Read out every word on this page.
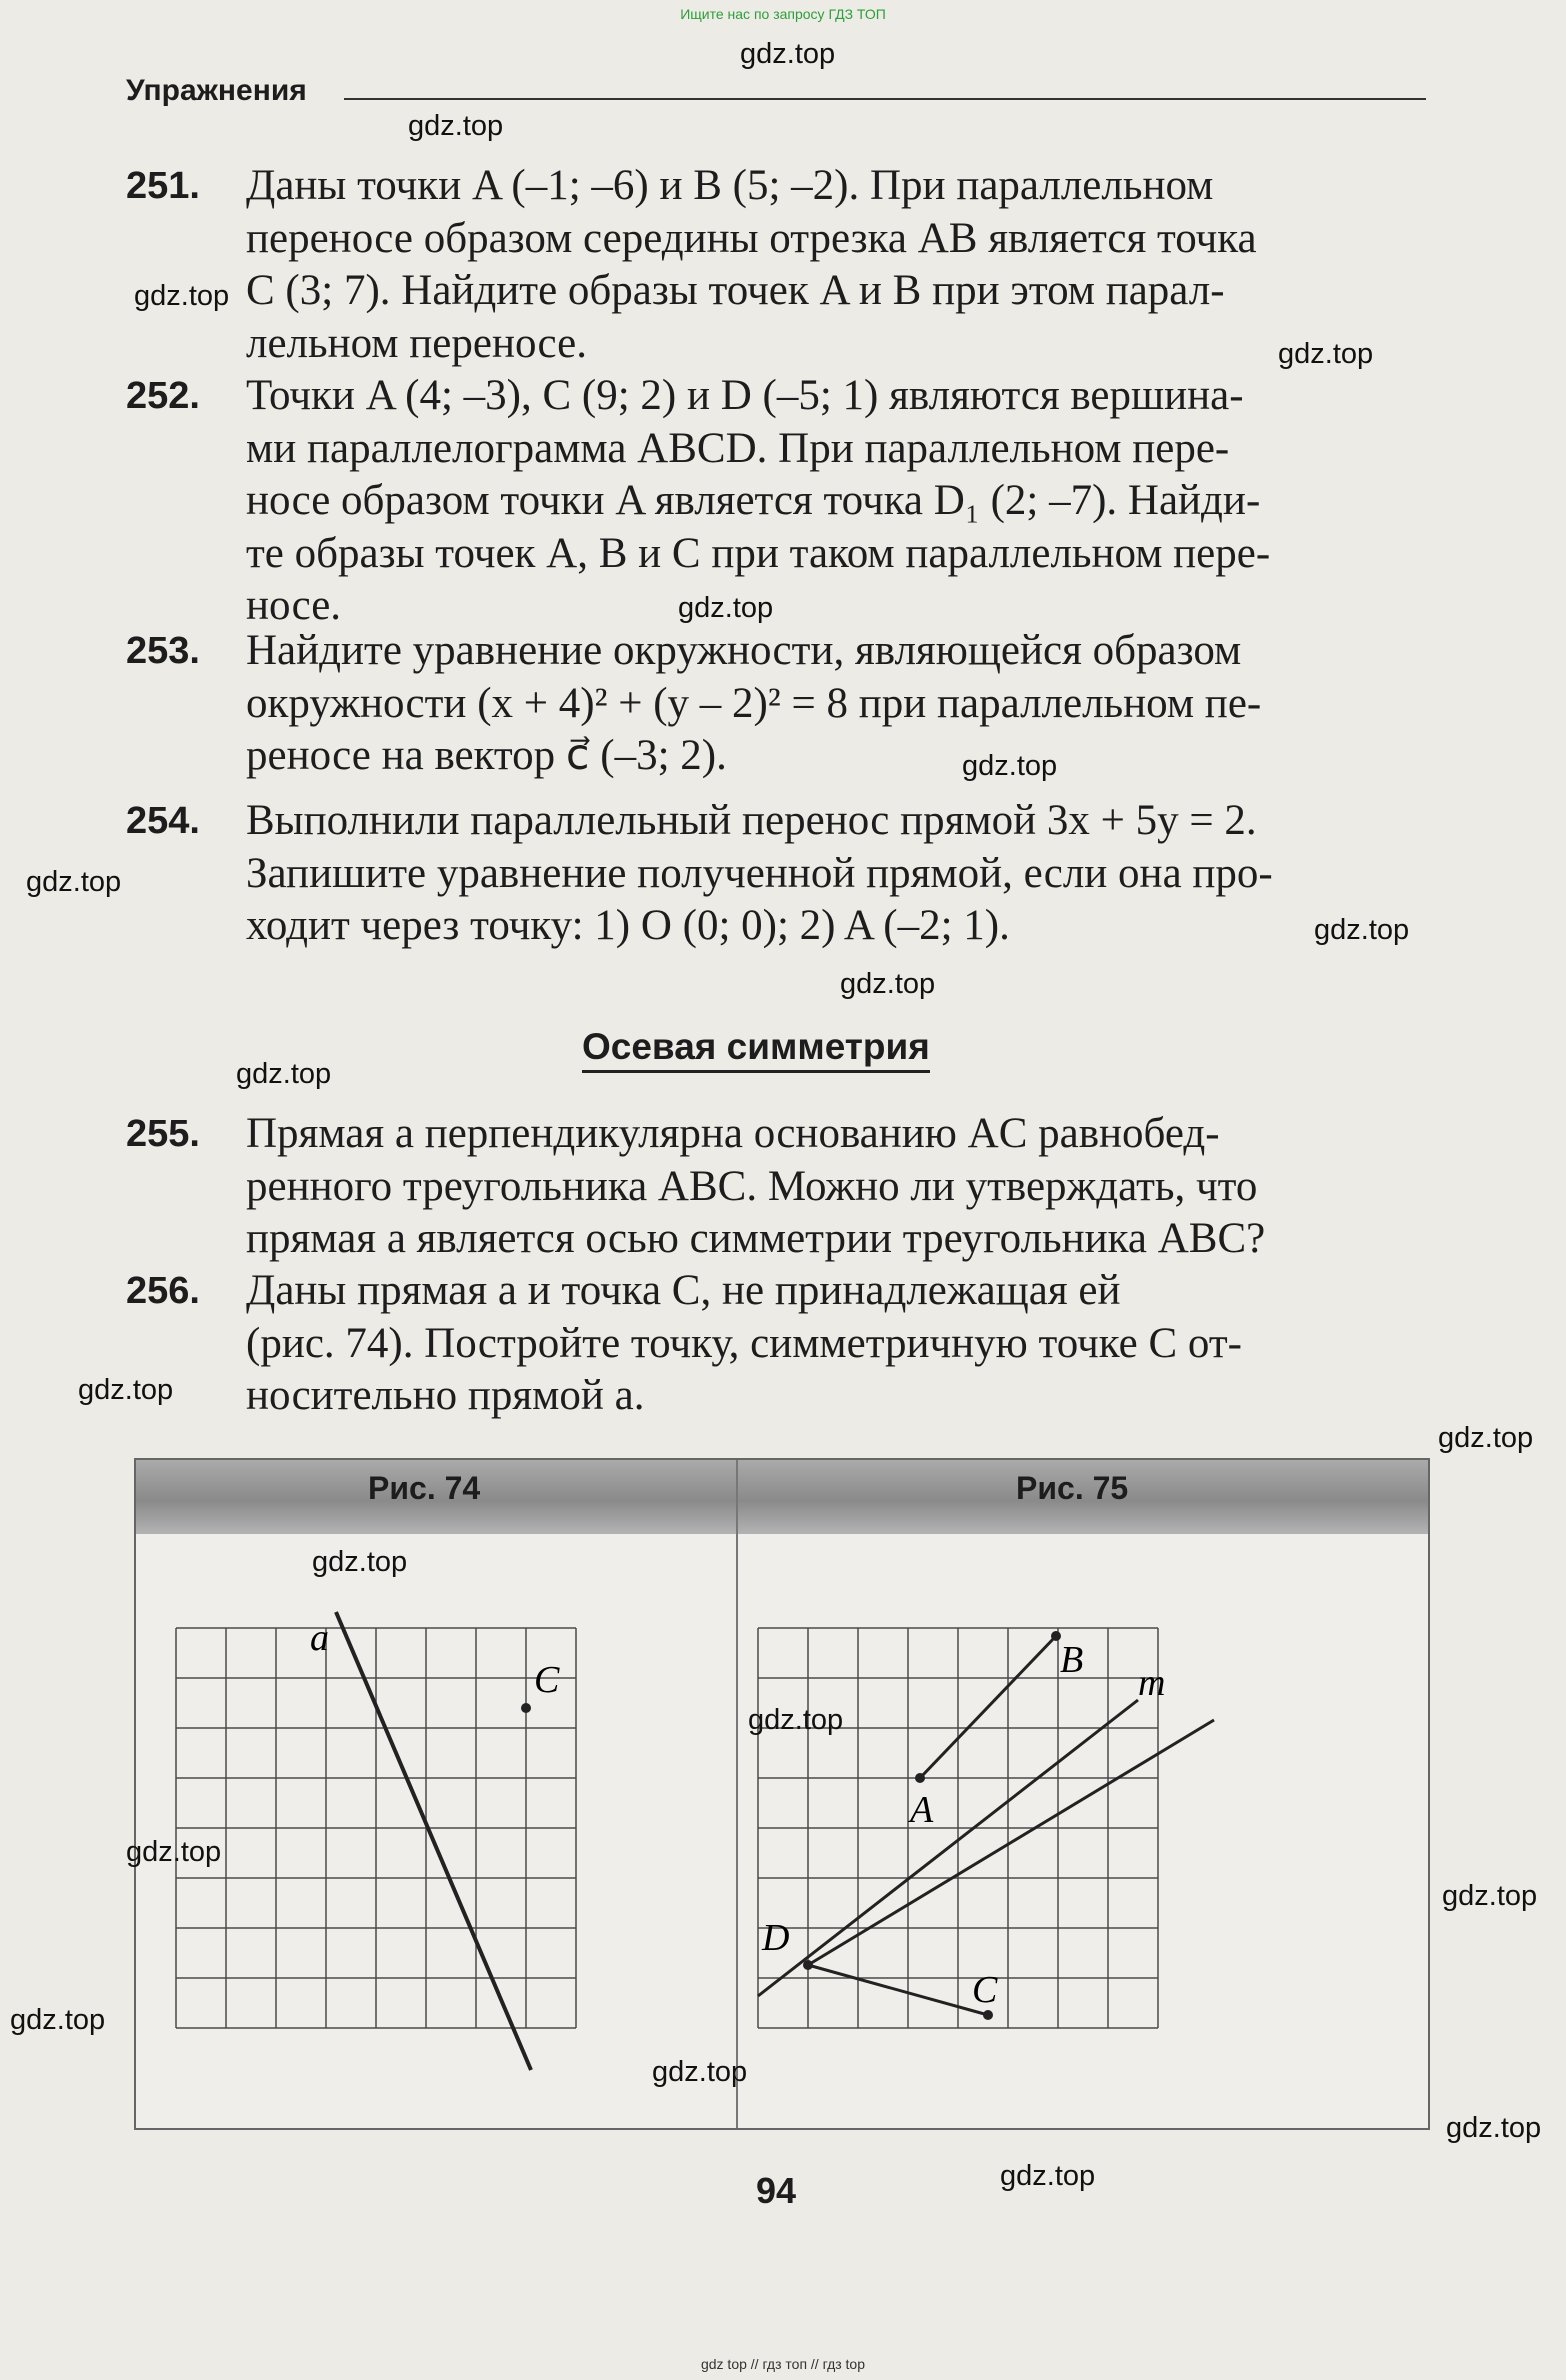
Ищите нас по запросу ГДЗ ТОП
Упражнения
251. Даны точки A (–1; –6) и B (5; –2). При параллельном
переносе образом середины отрезка AB является точка
C (3; 7). Найдите образы точек A и B при этом парал-
лельном переносе.
252. Точки A (4; –3), C (9; 2) и D (–5; 1) являются вершина-
ми параллелограмма ABCD. При параллельном пере-
носе образом точки A является точка D₁ (2; –7). Найди-
те образы точек A, B и C при таком параллельном пере-
носе.
253. Найдите уравнение окружности, являющейся образом
окружности (x + 4)² + (y – 2)² = 8 при параллельном пе-
реносе на вектор c⃗ (–3; 2).
254. Выполнили параллельный перенос прямой 3x + 5y = 2.
Запишите уравнение полученной прямой, если она про-
ходит через точку: 1) O (0; 0); 2) A (–2; 1).
Осевая симметрия
255. Прямая a перпендикулярна основанию AC равнобед-
ренного треугольника ABC. Можно ли утверждать, что
прямая a является осью симметрии треугольника ABC?
256. Даны прямая a и точка C, не принадлежащая ей
(рис. 74). Постройте точку, симметричную точке C от-
носительно прямой a.
Рис. 74	Рис. 75
a
C	B
m
A
D
C
94
gdz.top
gdz.top
gdz.top
gdz.top
gdz.top
gdz.top
gdz.top
gdz.top
gdz.top
gdz.top
gdz.top
gdz.top
gdz.top
gdz.top
gdz.top
gdz.top
gdz.top
gdz.top
gdz.top
gdz.top
gdz top // гдз топ // гдз top
